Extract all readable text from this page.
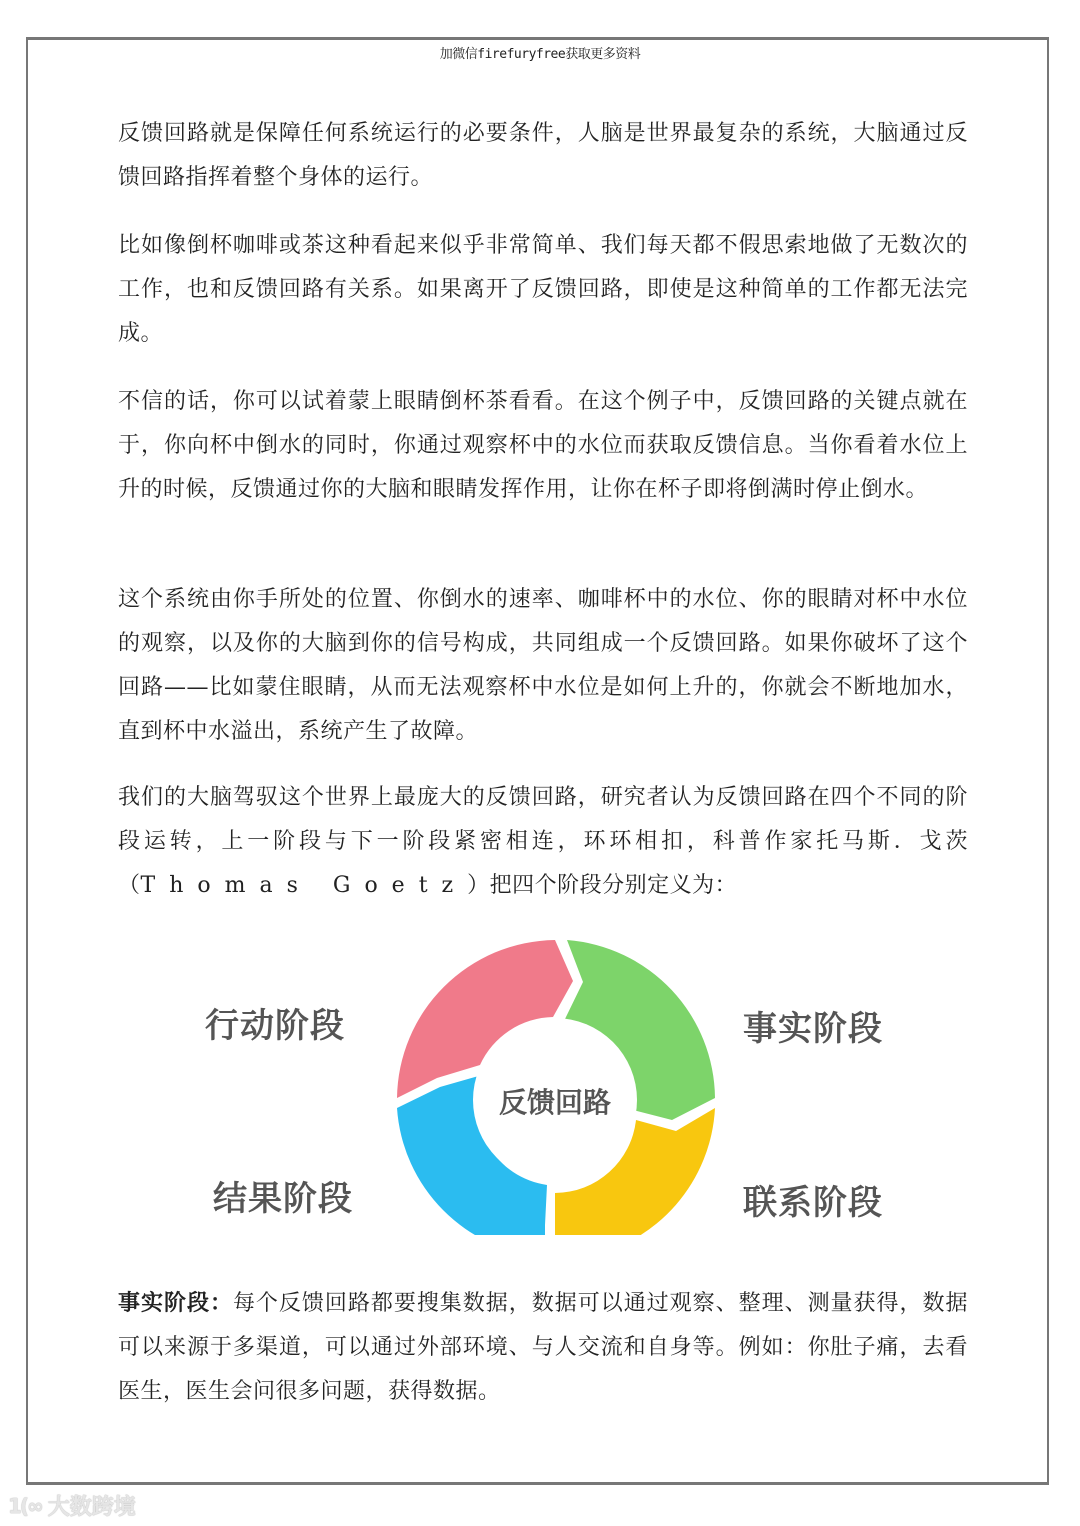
加微信firefuryfree获取更多资料

反馈回路就是保障任何系统运行的必要条件，人脑是世界最复杂的系统，大脑通过反馈回路指挥着整个身体的运行。

比如像倒杯咖啡或茶这种看起来似乎非常简单、我们每天都不假思索地做了无数次的工作，也和反馈回路有关系。如果离开了反馈回路，即使是这种简单的工作都无法完成。

不信的话，你可以试着蒙上眼睛倒杯茶看看。在这个例子中，反馈回路的关键点就在于，你向杯中倒水的同时，你通过观察杯中的水位而获取反馈信息。当你看着水位上升的时候，反馈通过你的大脑和眼睛发挥作用，让你在杯子即将倒满时停止倒水。

这个系统由你手所处的位置、你倒水的速率、咖啡杯中的水位、你的眼睛对杯中水位的观察，以及你的大脑到你的信号构成，共同组成一个反馈回路。如果你破坏了这个回路——比如蒙住眼睛，从而无法观察杯中水位是如何上升的，你就会不断地加水，直到杯中水溢出，系统产生了故障。

我们的大脑驾驭这个世界上最庞大的反馈回路，研究者认为反馈回路在四个不同的阶段运转，上一阶段与下一阶段紧密相连，环环相扣，科普作家托马斯．戈茨（Thomas Goetz）把四个阶段分别定义为：

行动阶段	事实阶段
结果阶段	联系阶段
反馈回路

事实阶段：每个反馈回路都要搜集数据，数据可以通过观察、整理、测量获得，数据可以来源于多渠道，可以通过外部环境、与人交流和自身等。例如：你肚子痛，去看医生，医生会问很多问题，获得数据。

1(∞ 大数跨境
